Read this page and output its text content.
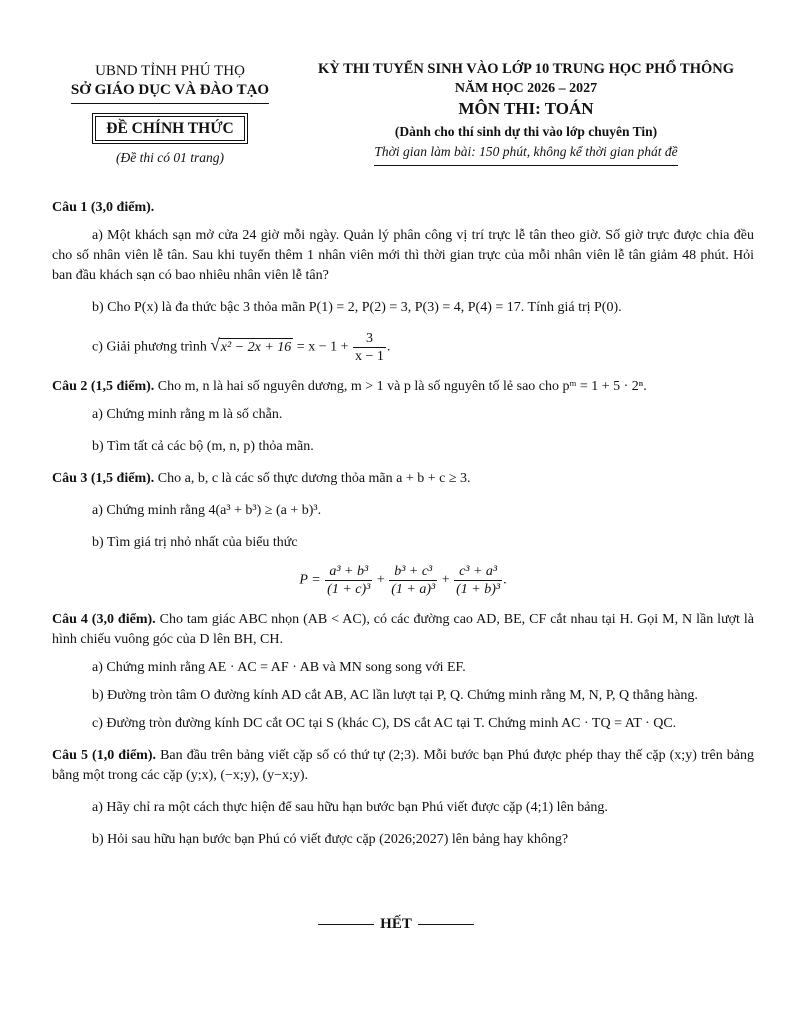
UBND TỈNH PHÚ THỌ
SỞ GIÁO DỤC VÀ ĐÀO TẠO
ĐỀ CHÍNH THỨC
(Đề thi có 01 trang)
KỲ THI TUYỂN SINH VÀO LỚP 10 TRUNG HỌC PHỔ THÔNG
NĂM HỌC 2026 – 2027
MÔN THI: TOÁN
(Dành cho thí sinh dự thi vào lớp chuyên Tin)
Thời gian làm bài: 150 phút, không kể thời gian phát đề

Câu 1 (3,0 điểm).

a) Một khách sạn mở cửa 24 giờ mỗi ngày. Quản lý phân công vị trí trực lễ tân theo giờ. Số giờ trực được chia đều cho số nhân viên lễ tân. Sau khi tuyển thêm 1 nhân viên mới thì thời gian trực của mỗi nhân viên lễ tân giảm 48 phút. Hỏi ban đầu khách sạn có bao nhiêu nhân viên lễ tân?

b) Cho P(x) là đa thức bậc 3 thỏa mãn P(1) = 2, P(2) = 3, P(3) = 4, P(4) = 17. Tính giá trị P(0).

c) Giải phương trình $√x^2 - 2x + 16 = x - 1 + \frac{3}{x - 1}$ .

Câu 2 (1,5 điểm). Cho m, n là hai số nguyên dương, m > 1 và p là số nguyên tố lẻ sao cho pᵐ = 1 + 5 · 2ⁿ.

a) Chứng minh rằng m là số chẵn.

b) Tìm tất cả các bộ (m, n, p) thỏa mãn.

Câu 3 (1,5 điểm). Cho a, b, c là các số thực dương thỏa mãn a + b + c ≥ 3.

a) Chứng minh rằng 4(a³ + b³) ≥ (a + b)³.

b) Tìm giá trị nhỏ nhất của biểu thức

$P = \frac{\text{a³ + b³}}{\text{(1 + c)³}} + \frac{\text{b³ + c³}}{\text{(1 + a)³}} + \frac{\text{c³ + a³}}{\text{(1 + b)³}}$ .

Câu 4 (3,0 điểm). Cho tam giác ABC nhọn (AB < AC), có các đường cao AD, BE, CF cắt nhau tại H. Gọi M, N lần lượt là hình chiếu vuông góc của D lên BH, CH.

a) Chứng minh rằng AE · AC = AF · AB và MN song song với EF.

b) Đường tròn tâm O đường kính AD cắt AB, AC lần lượt tại P, Q. Chứng minh rằng M, N, P, Q thẳng hàng.

c) Đường tròn đường kính DC cắt OC tại S (khác C), DS cắt AC tại T. Chứng minh AC · TQ = AT · QC.

Câu 5 (1,0 điểm). Ban đầu trên bảng viết cặp số có thứ tự (2;3). Mỗi bước bạn Phú được phép thay thế cặp (x;y) trên bảng bằng một trong các cặp (y;x), (−x;y), (y−x;y).

a) Hãy chỉ ra một cách thực hiện để sau hữu hạn bước bạn Phú viết được cặp (4;1) lên bảng.

b) Hỏi sau hữu hạn bước bạn Phú có viết được cặp (2026;2027) lên bảng hay không?

HẾT
